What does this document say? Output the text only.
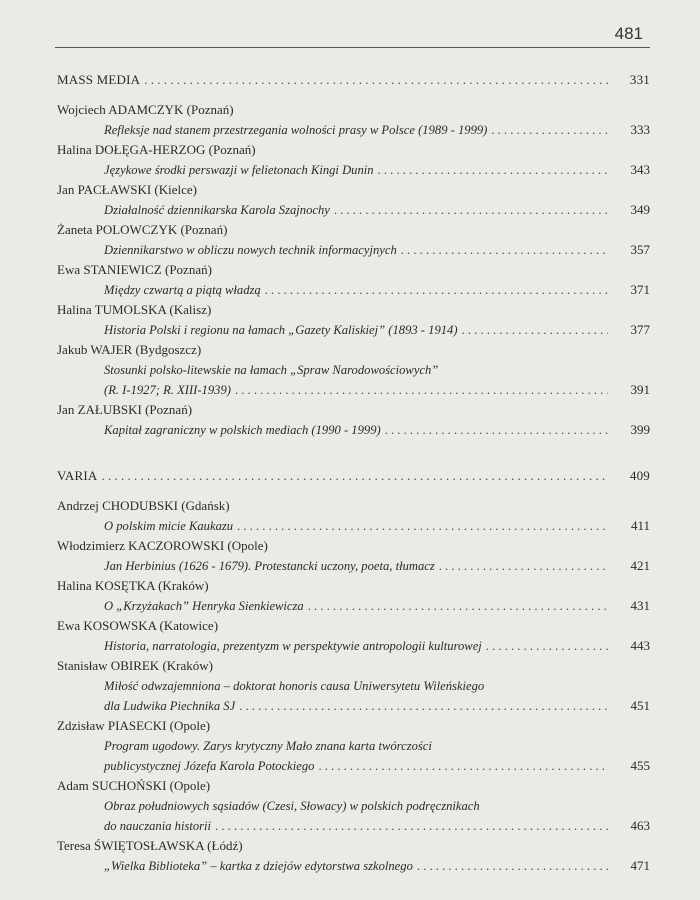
481
MASS MEDIA . . .	331
Wojciech ADAMCZYK (Poznań)
Refleksje nad stanem przestrzegania wolności prasy w Polsce (1989 - 1999) . . .	333
Halina DOŁĘGA-HERZOG (Poznań)
Językowe środki perswazji w felietonach Kingi Dunin . . .	343
Jan PACŁAWSKI (Kielce)
Działalność dziennikarska Karola Szajnochy . . .	349
Żaneta POLOWCZYK (Poznań)
Dziennikarstwo w obliczu nowych technik informacyjnych . . .	357
Ewa STANIEWICZ (Poznań)
Między czwartą a piątą władzą . . .	371
Halina TUMOLSKA (Kalisz)
Historia Polski i regionu na łamach „Gazety Kaliskiej” (1893 - 1914) . . .	377
Jakub WAJER (Bydgoszcz)
Stosunki polsko-litewskie na łamach „Spraw Narodowościowych”
(R. I-1927; R. XIII-1939) . . .	391
Jan ZAŁUBSKI (Poznań)
Kapitał zagraniczny w polskich mediach (1990 - 1999) . . .	399
VARIA . . .	409
Andrzej CHODUBSKI (Gdańsk)
O polskim micie Kaukazu . . .	411
Włodzimierz KACZOROWSKI (Opole)
Jan Herbinius (1626 - 1679). Protestancki uczony, poeta, tłumacz . . .	421
Halina KOSĘTKA (Kraków)
O „Krzyżakach” Henryka Sienkiewicza . . .	431
Ewa KOSOWSKA (Katowice)
Historia, narratologia, prezentyzm w perspektywie antropologii kulturowej . . .	443
Stanisław OBIREK (Kraków)
Miłość odwzajemniona – doktorat honoris causa Uniwersytetu Wileńskiego
dla Ludwika Piechnika SJ . . .	451
Zdzisław PIASECKI (Opole)
Program ugodowy. Zarys krytyczny Mało znana karta twórczości
publicystycznej Józefa Karola Potockiego . . .	455
Adam SUCHOŃSKI (Opole)
Obraz południowych sąsiadów (Czesi, Słowacy) w polskich podręcznikach
do nauczania historii . . .	463
Teresa ŚWIĘTOSŁAWSKA (Łódź)
„Wielka Biblioteka” – kartka z dziejów edytorstwa szkolnego . . .	471
